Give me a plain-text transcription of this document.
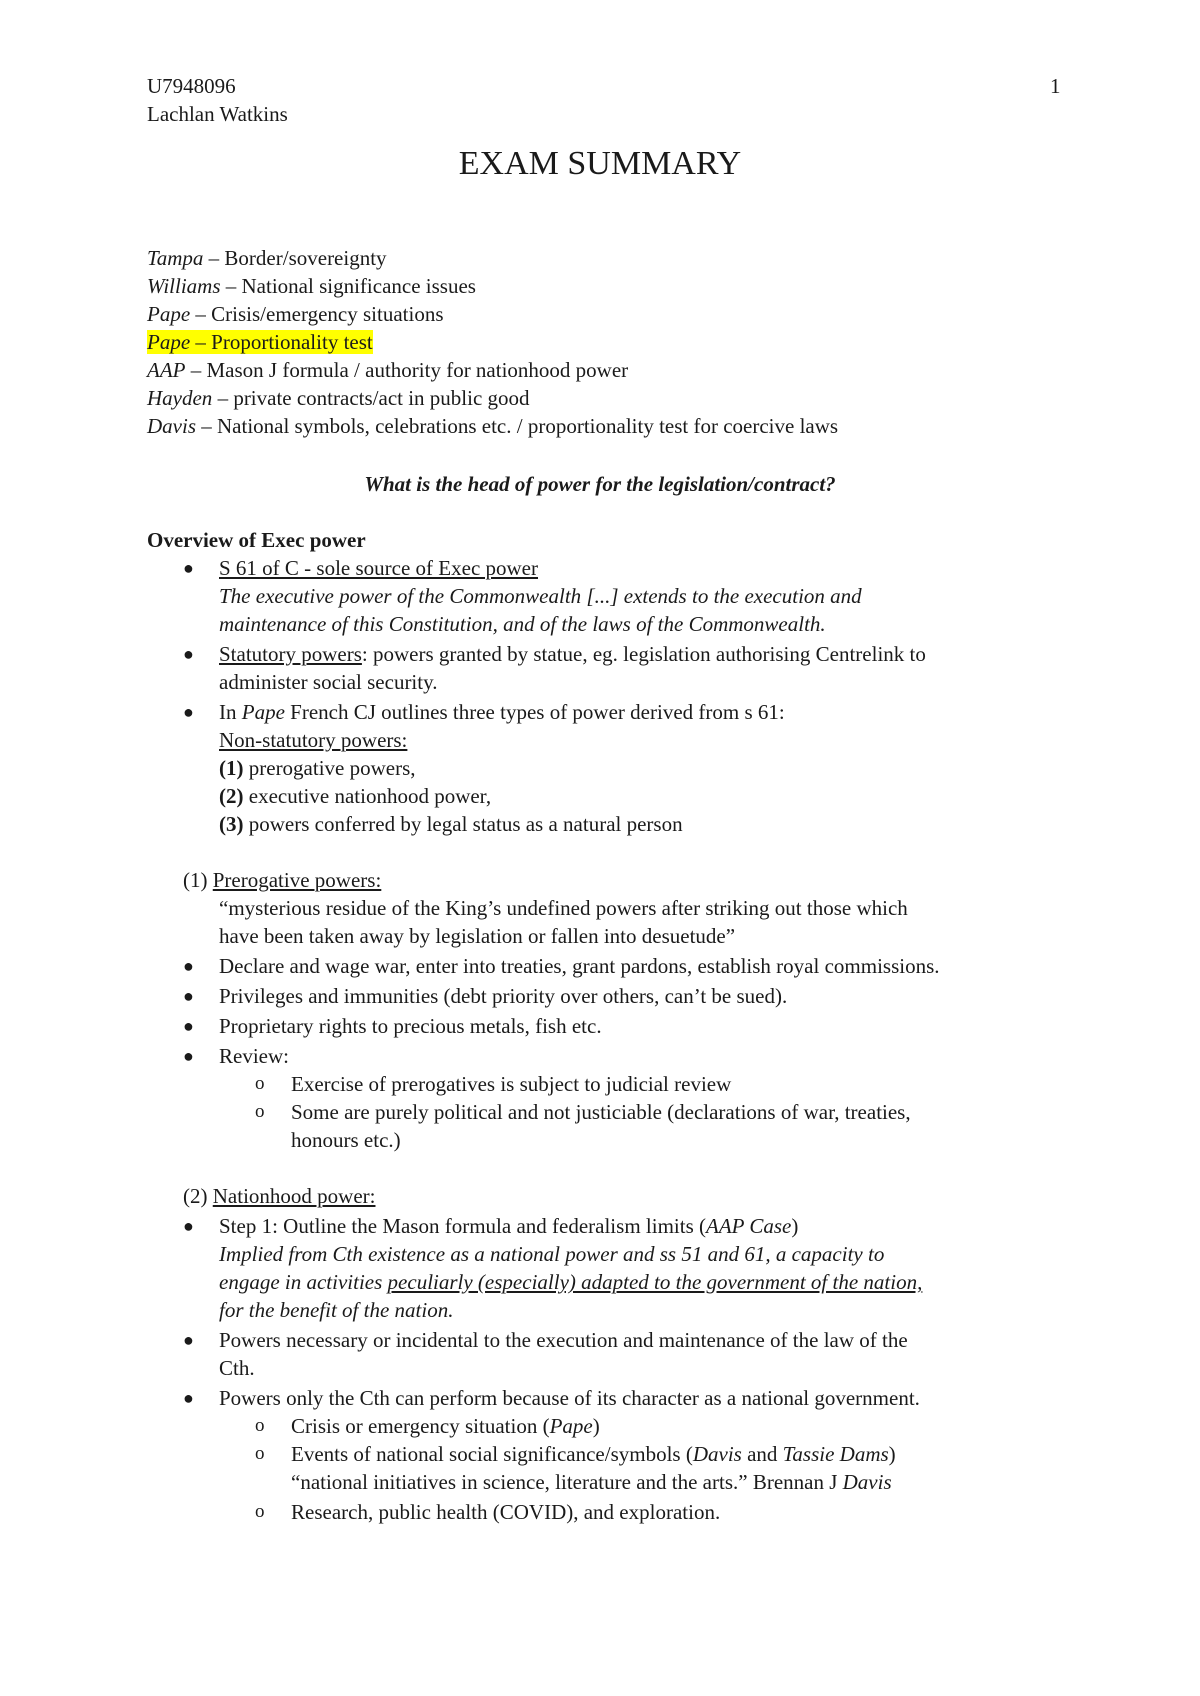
U7948096	1
Lachlan Watkins
EXAM SUMMARY
Tampa – Border/sovereignty
Williams – National significance issues
Pape – Crisis/emergency situations
Pape – Proportionality test
AAP – Mason J formula / authority for nationhood power
Hayden – private contracts/act in public good
Davis – National symbols, celebrations etc. / proportionality test for coercive laws
What is the head of power for the legislation/contract?
Overview of Exec power
● S 61 of C - sole source of Exec power
The executive power of the Commonwealth [...] extends to the execution and
maintenance of this Constitution, and of the laws of the Commonwealth.
● Statutory powers: powers granted by statue, eg. legislation authorising Centrelink to
administer social security.
● In Pape French CJ outlines three types of power derived from s 61:
Non-statutory powers:
(1) prerogative powers,
(2) executive nationhood power,
(3) powers conferred by legal status as a natural person
(1) Prerogative powers:
“mysterious residue of the King’s undefined powers after striking out those which
have been taken away by legislation or fallen into desuetude”
● Declare and wage war, enter into treaties, grant pardons, establish royal commissions.
● Privileges and immunities (debt priority over others, can’t be sued).
● Proprietary rights to precious metals, fish etc.
● Review:
o Exercise of prerogatives is subject to judicial review
o Some are purely political and not justiciable (declarations of war, treaties,
honours etc.)
(2) Nationhood power:
● Step 1: Outline the Mason formula and federalism limits (AAP Case)
Implied from Cth existence as a national power and ss 51 and 61, a capacity to
engage in activities peculiarly (especially) adapted to the government of the nation,
for the benefit of the nation.
● Powers necessary or incidental to the execution and maintenance of the law of the
Cth.
● Powers only the Cth can perform because of its character as a national government.
o Crisis or emergency situation (Pape)
o Events of national social significance/symbols (Davis and Tassie Dams)
“national initiatives in science, literature and the arts.” Brennan J Davis
o Research, public health (COVID), and exploration.
